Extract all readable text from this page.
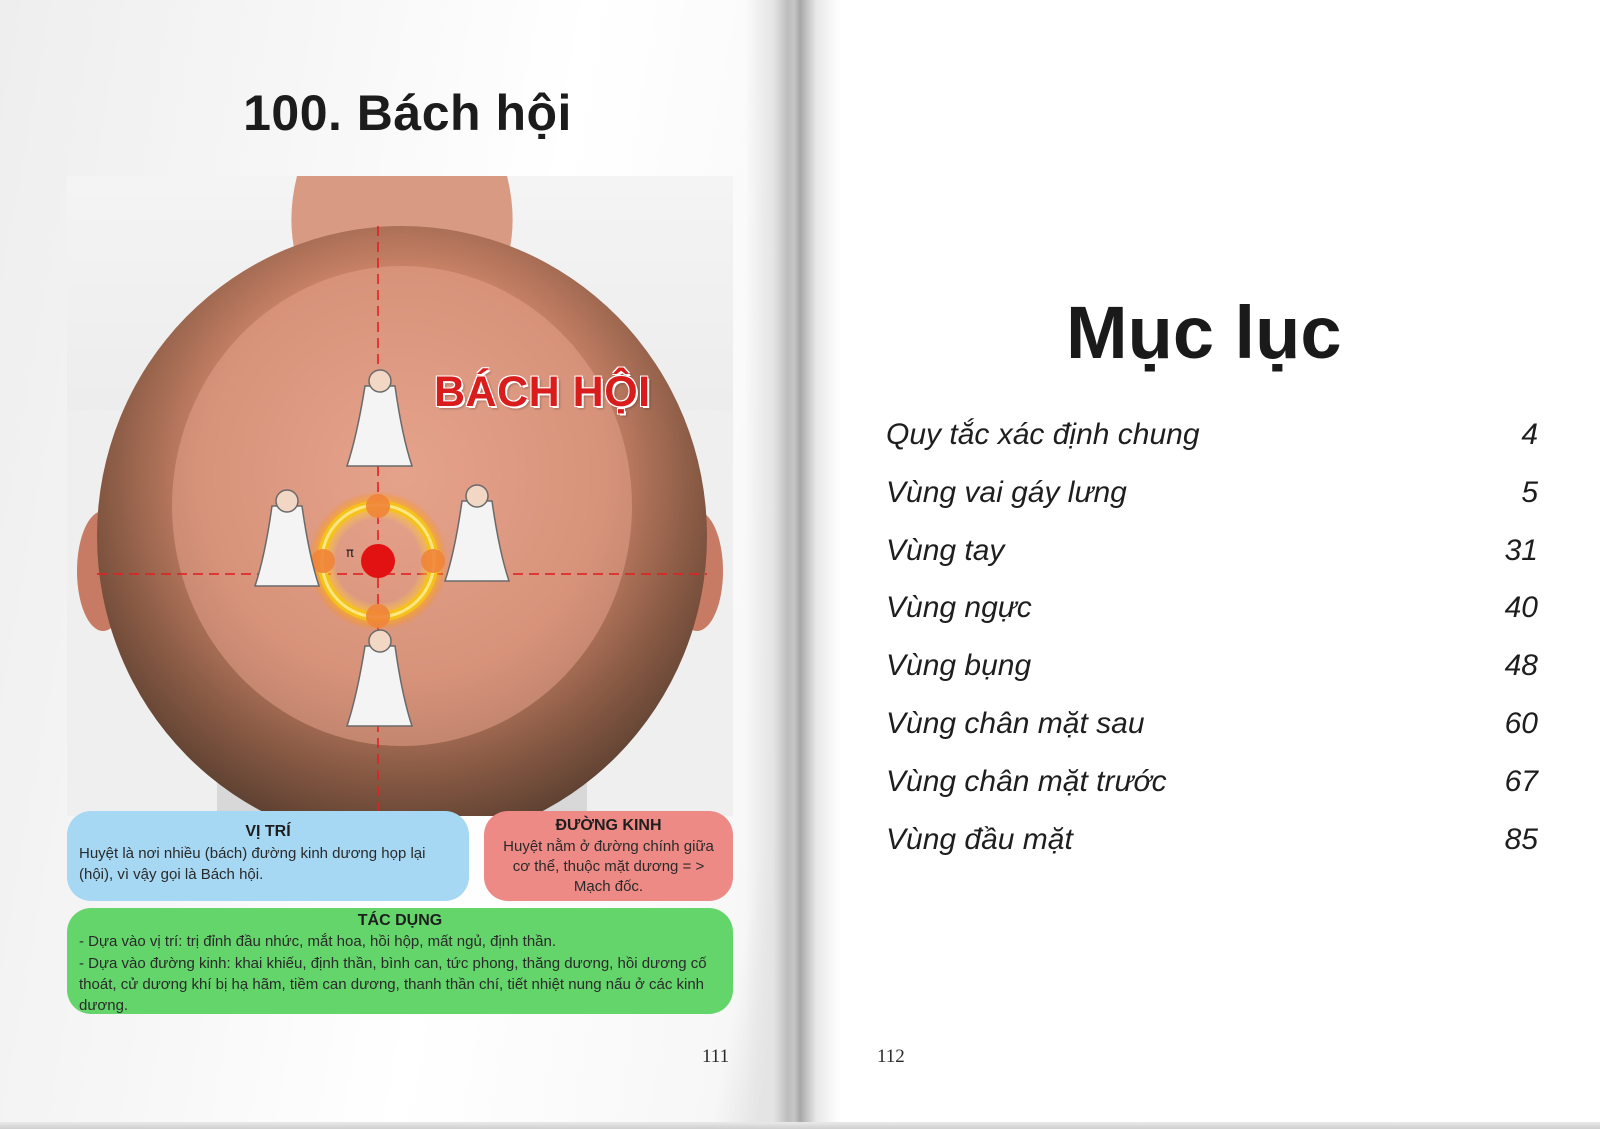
100. Bách hội
BÁCH HỘI
π
VỊ TRÍ
Huyệt là nơi nhiều (bách) đường kinh dương họp lại (hội), vì vậy gọi là Bách hội.
ĐƯỜNG KINH
Huyệt nằm ở đường chính giữa cơ thể, thuộc mặt dương = > Mạch đốc.
TÁC DỤNG
- Dựa vào vị trí: trị đỉnh đầu nhức, mắt hoa, hồi hộp, mất ngủ, định thần.
- Dựa vào đường kinh: khai khiếu, định thần, bình can, tức phong, thăng dương, hồi dương cố thoát, cử dương khí bị hạ hãm, tiềm can dương, thanh thần chí, tiết nhiệt nung nấu ở các kinh dương.
111
Mục lục
Quy tắc xác định chung	4
Vùng vai gáy lưng	5
Vùng tay	31
Vùng ngực	40
Vùng bụng	48
Vùng chân mặt sau	60
Vùng chân mặt trước	67
Vùng đầu mặt	85
112
